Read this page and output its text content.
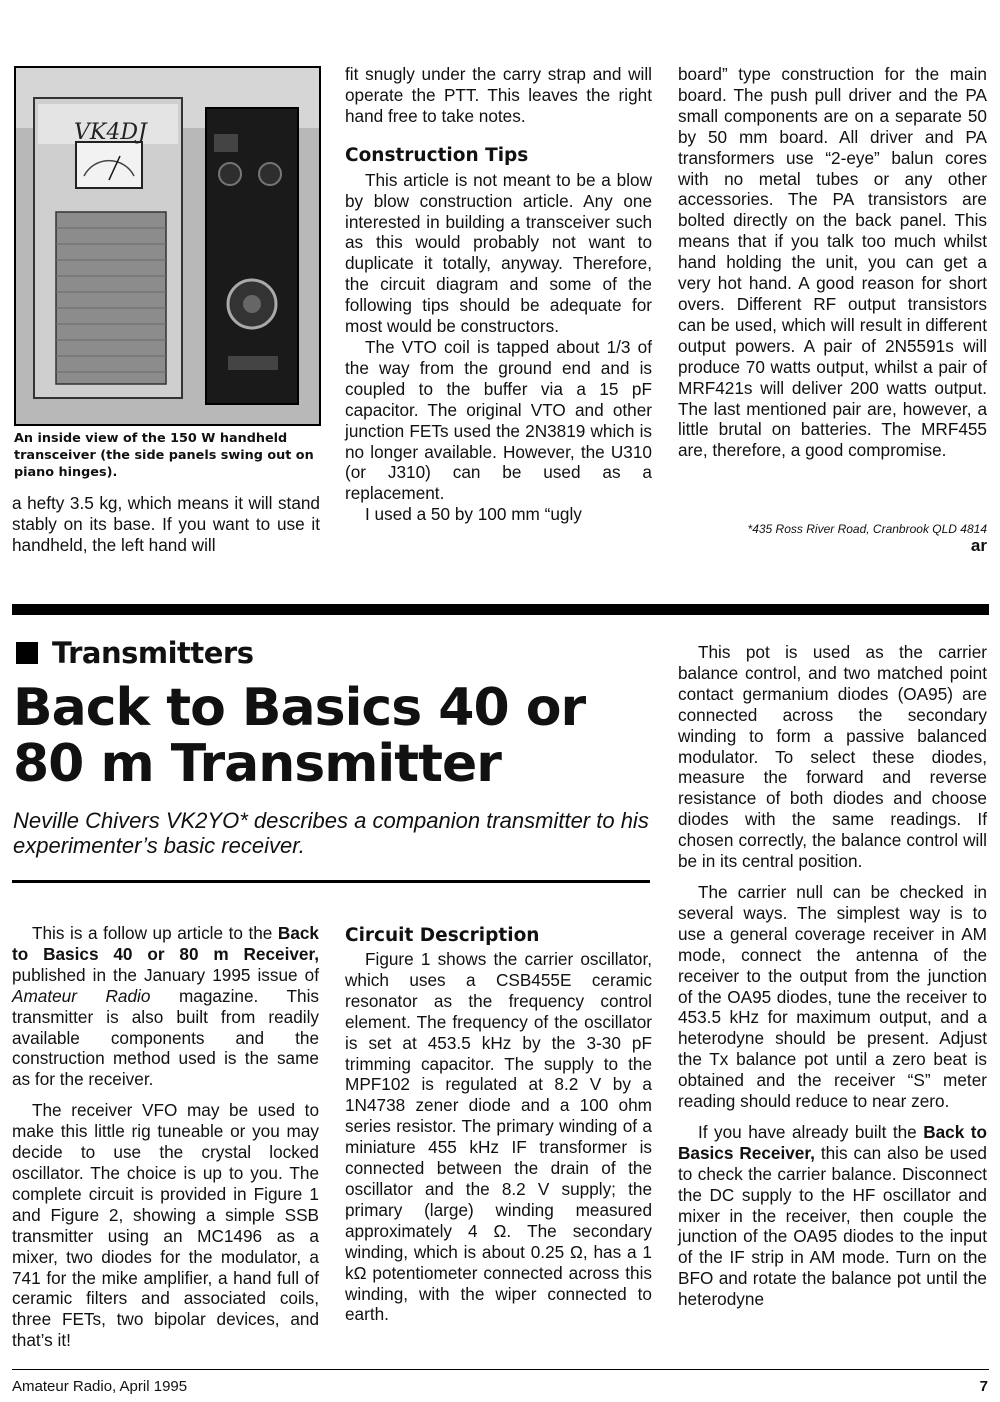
VK4DJ
An inside view of the 150 W handheld transceiver (the side panels swing out on piano hinges).

a hefty 3.5 kg, which means it will stand stably on its base. If you want to use it handheld, the left hand will

fit snugly under the carry strap and will operate the PTT. This leaves the right hand free to take notes.

Construction Tips

This article is not meant to be a blow by blow construction article. Any one interested in building a transceiver such as this would probably not want to duplicate it totally, anyway. Therefore, the circuit diagram and some of the following tips should be adequate for most would be constructors.

The VTO coil is tapped about 1/3 of the way from the ground end and is coupled to the buffer via a 15 pF capacitor. The original VTO and other junction FETs used the 2N3819 which is no longer available. However, the U310 (or J310) can be used as a replacement.

I used a 50 by 100 mm “ugly

board” type construction for the main board. The push pull driver and the PA small components are on a separate 50 by 50 mm board. All driver and PA transformers use “2-eye” balun cores with no metal tubes or any other accessories. The PA transistors are bolted directly on the back panel. This means that if you talk too much whilst hand holding the unit, you can get a very hot hand. A good reason for short overs. Different RF output transistors can be used, which will result in different output powers. A pair of 2N5591s will produce 70 watts output, whilst a pair of MRF421s will deliver 200 watts output. The last mentioned pair are, however, a little brutal on batteries. The MRF455 are, therefore, a good compromise.

*435 Ross River Road, Cranbrook QLD 4814
ar
Transmitters
Back to Basics 40 or
80 m Transmitter
Neville Chivers VK2YO* describes a companion transmitter to his experimenter’s basic receiver.

This is a follow up article to the Back to Basics 40 or 80 m Receiver, published in the January 1995 issue of Amateur Radio magazine. This transmitter is also built from readily available components and the construction method used is the same as for the receiver.

The receiver VFO may be used to make this little rig tuneable or you may decide to use the crystal locked oscillator. The choice is up to you. The complete circuit is provided in Figure 1 and Figure 2, showing a simple SSB transmitter using an MC1496 as a mixer, two diodes for the modulator, a 741 for the mike amplifier, a hand full of ceramic filters and associated coils, three FETs, two bipolar devices, and that’s it!

Circuit Description

Figure 1 shows the carrier oscillator, which uses a CSB455E ceramic resonator as the frequency control element. The frequency of the oscillator is set at 453.5 kHz by the 3-30 pF trimming capacitor. The supply to the MPF102 is regulated at 8.2 V by a 1N4738 zener diode and a 100 ohm series resistor. The primary winding of a miniature 455 kHz IF transformer is connected between the drain of the oscillator and the 8.2 V supply; the primary (large) winding measured approximately 4 Ω. The secondary winding, which is about 0.25 Ω, has a 1 kΩ potentiometer connected across this winding, with the wiper connected to earth.

This pot is used as the carrier balance control, and two matched point contact germanium diodes (OA95) are connected across the secondary winding to form a passive balanced modulator. To select these diodes, measure the forward and reverse resistance of both diodes and choose diodes with the same readings. If chosen correctly, the balance control will be in its central position.

The carrier null can be checked in several ways. The simplest way is to use a general coverage receiver in AM mode, connect the antenna of the receiver to the output from the junction of the OA95 diodes, tune the receiver to 453.5 kHz for maximum output, and a heterodyne should be present. Adjust the Tx balance pot until a zero beat is obtained and the receiver “S” meter reading should reduce to near zero.

If you have already built the Back to Basics Receiver, this can also be used to check the carrier balance. Disconnect the DC supply to the HF oscillator and mixer in the receiver, then couple the junction of the OA95 diodes to the input of the IF strip in AM mode. Turn on the BFO and rotate the balance pot until the heterodyne

Amateur Radio, April 1995	7
